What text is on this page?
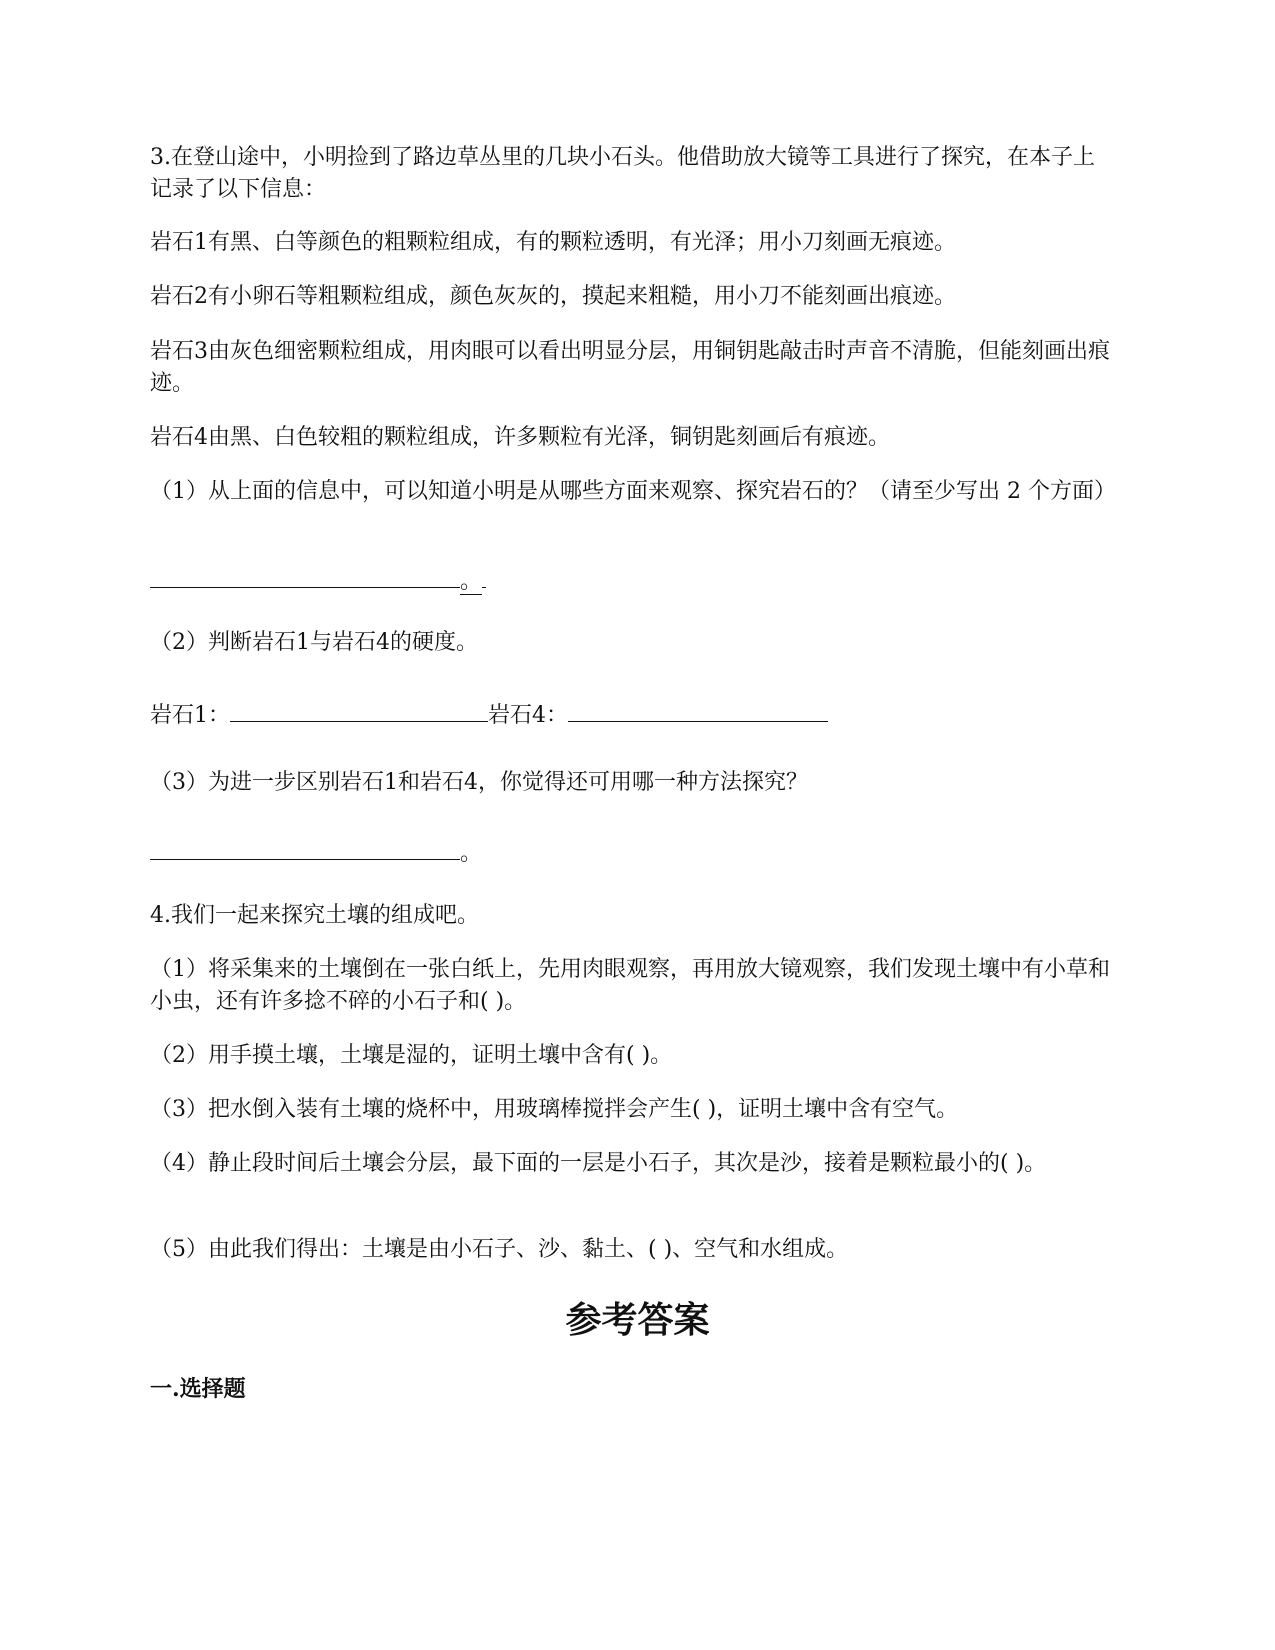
3.在登山途中，小明捡到了路边草丛里的几块小石头。他借助放大镜等工具进行了探究，在本子上记录了以下信息：

岩石1有黑、白等颜色的粗颗粒组成，有的颗粒透明，有光泽；用小刀刻画无痕迹。

岩石2有小卵石等粗颗粒组成，颜色灰灰的，摸起来粗糙，用小刀不能刻画出痕迹。

岩石3由灰色细密颗粒组成，用肉眼可以看出明显分层，用铜钥匙敲击时声音不清脆，但能刻画出痕迹。

岩石4由黑、白色较粗的颗粒组成，许多颗粒有光泽，铜钥匙刻画后有痕迹。

（1）从上面的信息中，可以知道小明是从哪些方面来观察、探究岩石的？（请至少写出 2 个方面）

。

（2）判断岩石1与岩石4的硬度。

岩石1：	岩石4：

（3）为进一步区别岩石1和岩石4，你觉得还可用哪一种方法探究？

。

4.我们一起来探究土壤的组成吧。

（1）将采集来的土壤倒在一张白纸上，先用肉眼观察，再用放大镜观察，我们发现土壤中有小草和小虫，还有许多捻不碎的小石子和( )。

（2）用手摸土壤，土壤是湿的，证明土壤中含有( )。

（3）把水倒入装有土壤的烧杯中，用玻璃棒搅拌会产生( )，证明土壤中含有空气。

（4）静止段时间后土壤会分层，最下面的一层是小石子，其次是沙，接着是颗粒最小的( )。

（5）由此我们得出：土壤是由小石子、沙、黏土、( )、空气和水组成。

参考答案
一.选择题
